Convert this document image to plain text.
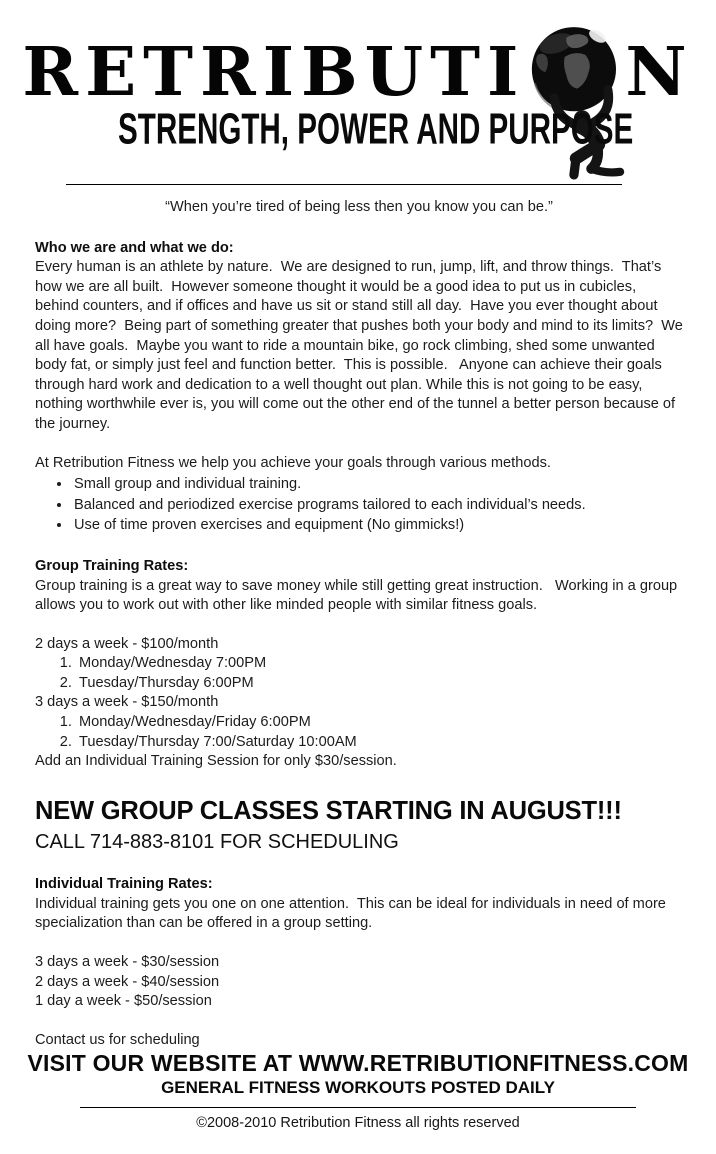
RETRIBUTI N
STRENGTH, POWER AND PURPOSE

“When you’re tired of being less then you know you can be.”

Who we are and what we do:

Every human is an athlete by nature.  We are designed to run, jump, lift, and throw things.  That’s how we are all built.  However someone thought it would be a good idea to put us in cubicles, behind counters, and if offices and have us sit or stand still all day.  Have you ever thought about doing more?  Being part of something greater that pushes both your body and mind to its limits?  We all have goals.  Maybe you want to ride a mountain bike, go rock climbing, shed some unwanted body fat, or simply just feel and function better.  This is possible.   Anyone can achieve their goals through hard work and dedication to a well thought out plan. While this is not going to be easy, nothing worthwhile ever is, you will come out the other end of the tunnel a better person because of the journey.

At Retribution Fitness we help you achieve your goals through various methods.

• Small group and individual training.
• Balanced and periodized exercise programs tailored to each individual’s needs.
• Use of time proven exercises and equipment (No gimmicks!)
Group Training Rates:

Group training is a great way to save money while still getting great instruction.   Working in a group allows you to work out with other like minded people with similar fitness goals.

2 days a week - $100/month

1. Monday/Wednesday 7:00PM
2. Tuesday/Thursday 6:00PM

3 days a week - $150/month

1. Monday/Wednesday/Friday 6:00PM
2. Tuesday/Thursday 7:00/Saturday 10:00AM

Add an Individual Training Session for only $30/session.

NEW GROUP CLASSES STARTING IN AUGUST!!!
CALL 714-883-8101 FOR SCHEDULING
Individual Training Rates:

Individual training gets you one on one attention.  This can be ideal for individuals in need of more specialization than can be offered in a group setting.

3 days a week - $30/session

2 days a week - $40/session

1 day a week - $50/session

Contact us for scheduling

VISIT OUR WEBSITE AT WWW.RETRIBUTIONFITNESS.COM
GENERAL FITNESS WORKOUTS POSTED DAILY
©2008-2010 Retribution Fitness all rights reserved
